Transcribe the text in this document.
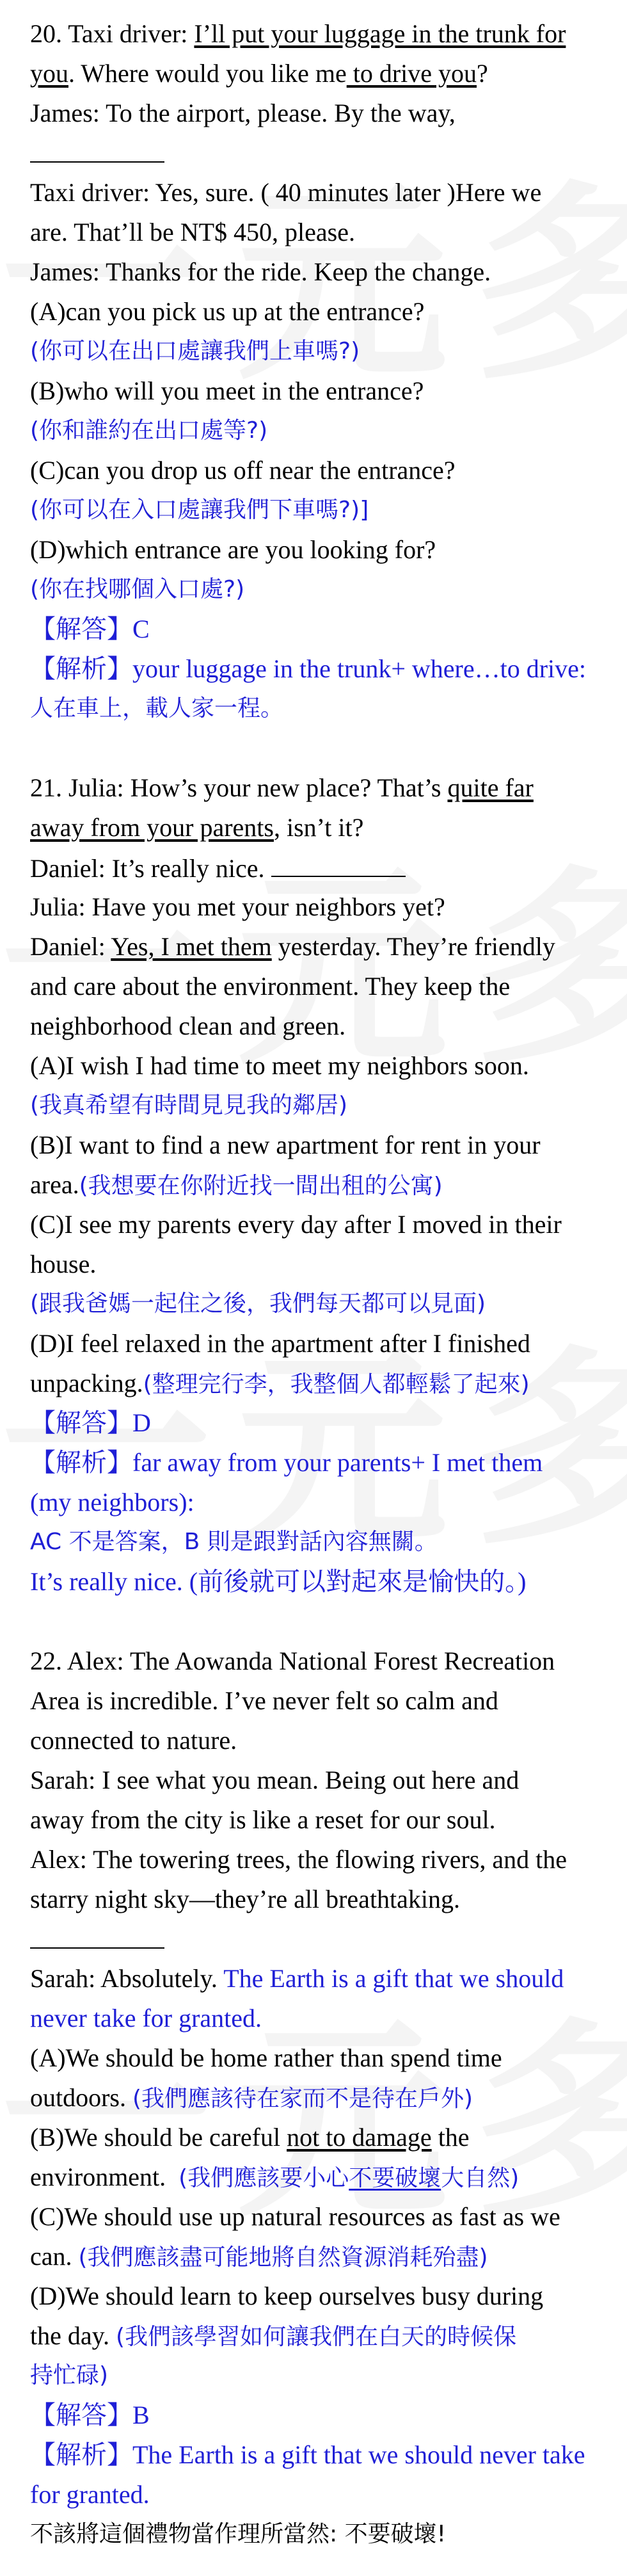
20. Taxi driver: I’ll put your luggage in the trunk for
you. Where would you like me to drive you?
James: To the airport, please. By the way,
Taxi driver: Yes, sure. ( 40 minutes later )Here we
are. That’ll be NT$ 450, please.
James: Thanks for the ride. Keep the change.
(A)can you pick us up at the entrance?
(你可以在出口處讓我們上車嗎?)
(B)who will you meet in the entrance?
(你和誰約在出口處等?)
(C)can you drop us off near the entrance?
(你可以在入口處讓我們下車嗎?)]
(D)which entrance are you looking for?
(你在找哪個入口處?)
【解答】C
【解析】your luggage in the trunk+ where…to drive:
人在車上，載人家一程。
21. Julia: How’s your new place? That’s quite far
away from your parents, isn’t it?
Daniel: It’s really nice.
Julia: Have you met your neighbors yet?
Daniel: Yes, I met them yesterday. They’re friendly
and care about the environment. They keep the
neighborhood clean and green.
(A)I wish I had time to meet my neighbors soon.
(我真希望有時間見見我的鄰居)
(B)I want to find a new apartment for rent in your
area.(我想要在你附近找一間出租的公寓)
(C)I see my parents every day after I moved in their
house.
(跟我爸媽一起住之後，我們每天都可以見面)
(D)I feel relaxed in the apartment after I finished
unpacking.(整理完行李，我整個人都輕鬆了起來)
【解答】D
【解析】far away from your parents+ I met them
(my neighbors):
AC 不是答案，B 則是跟對話內容無關。
It’s really nice. (前後就可以對起來是愉快的。)
22. Alex: The Aowanda National Forest Recreation
Area is incredible. I’ve never felt so calm and
connected to nature.
Sarah: I see what you mean. Being out here and
away from the city is like a reset for our soul.
Alex: The towering trees, the flowing rivers, and the
starry night sky—they’re all breathtaking.
Sarah: Absolutely. The Earth is a gift that we should
never take for granted.
(A)We should be home rather than spend time
outdoors. (我們應該待在家而不是待在戶外)
(B)We should be careful not to damage the
environment.  (我們應該要小心不要破壞大自然)
(C)We should use up natural resources as fast as we
can. (我們應該盡可能地將自然資源消耗殆盡)
(D)We should learn to keep ourselves busy during
the day. (我們該學習如何讓我們在白天的時候保
持忙碌)
【解答】B
【解析】The Earth is a gift that we should never take
for granted.
不該將這個禮物當作理所當然: 不要破壞!
